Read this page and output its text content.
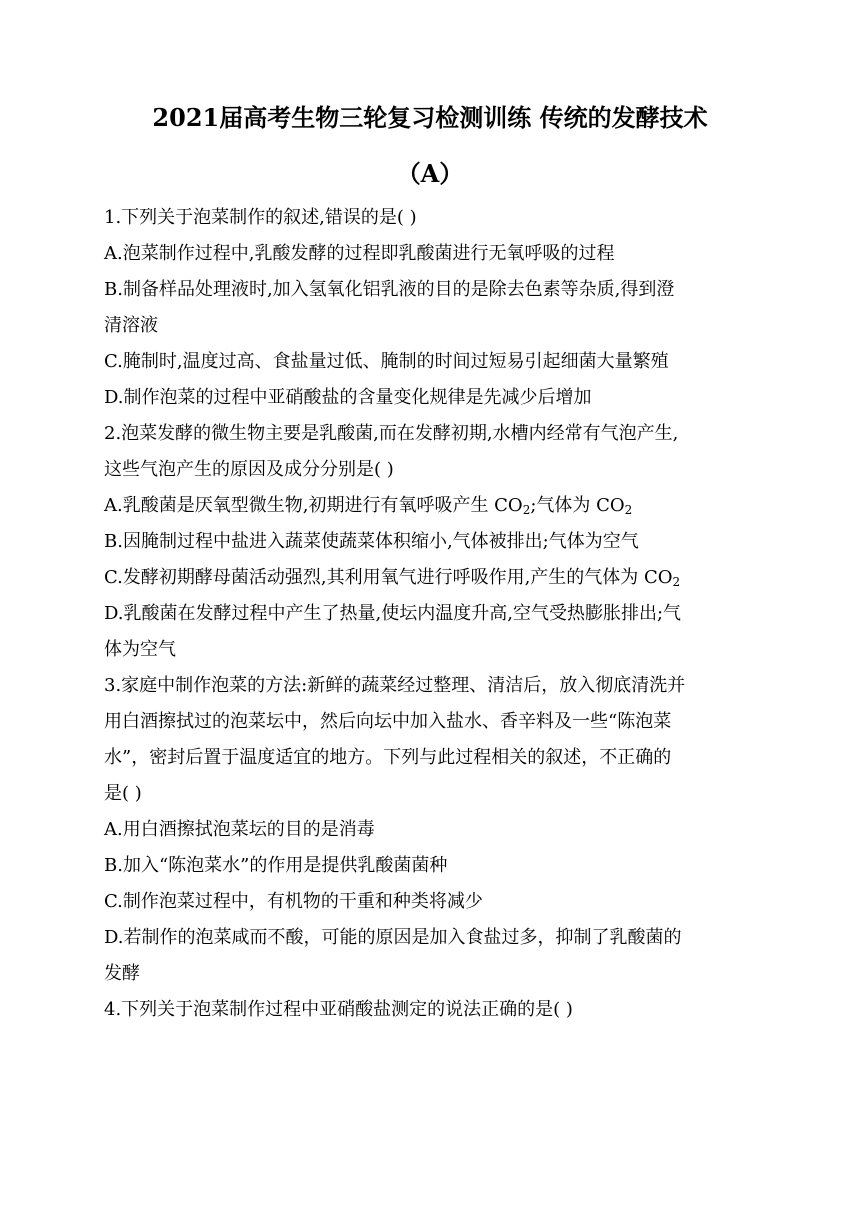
2021届高考生物三轮复习检测训练 传统的发酵技术
（A）
1.下列关于泡菜制作的叙述,错误的是( )
A.泡菜制作过程中,乳酸发酵的过程即乳酸菌进行无氧呼吸的过程
B.制备样品处理液时,加入氢氧化铝乳液的目的是除去色素等杂质,得到澄
清溶液
C.腌制时,温度过高、食盐量过低、腌制的时间过短易引起细菌大量繁殖
D.制作泡菜的过程中亚硝酸盐的含量变化规律是先减少后增加
2.泡菜发酵的微生物主要是乳酸菌,而在发酵初期,水槽内经常有气泡产生,
这些气泡产生的原因及成分分别是( )
A.乳酸菌是厌氧型微生物,初期进行有氧呼吸产生 $CO_2$;气体为 $CO_2$
B.因腌制过程中盐进入蔬菜使蔬菜体积缩小,气体被排出;气体为空气
C.发酵初期酵母菌活动强烈,其利用氧气进行呼吸作用,产生的气体为 $CO_2$
D.乳酸菌在发酵过程中产生了热量,使坛内温度升高,空气受热膨胀排出;气
体为空气
3.家庭中制作泡菜的方法:新鲜的蔬菜经过整理、清洁后，放入彻底清洗并
用白酒擦拭过的泡菜坛中，然后向坛中加入盐水、香辛料及一些“陈泡菜
水”，密封后置于温度适宜的地方。下列与此过程相关的叙述，不正确的
是( )
A.用白酒擦拭泡菜坛的目的是消毒
B.加入“陈泡菜水”的作用是提供乳酸菌菌种
C.制作泡菜过程中，有机物的干重和种类将减少
D.若制作的泡菜咸而不酸，可能的原因是加入食盐过多，抑制了乳酸菌的
发酵
4.下列关于泡菜制作过程中亚硝酸盐测定的说法正确的是( )
